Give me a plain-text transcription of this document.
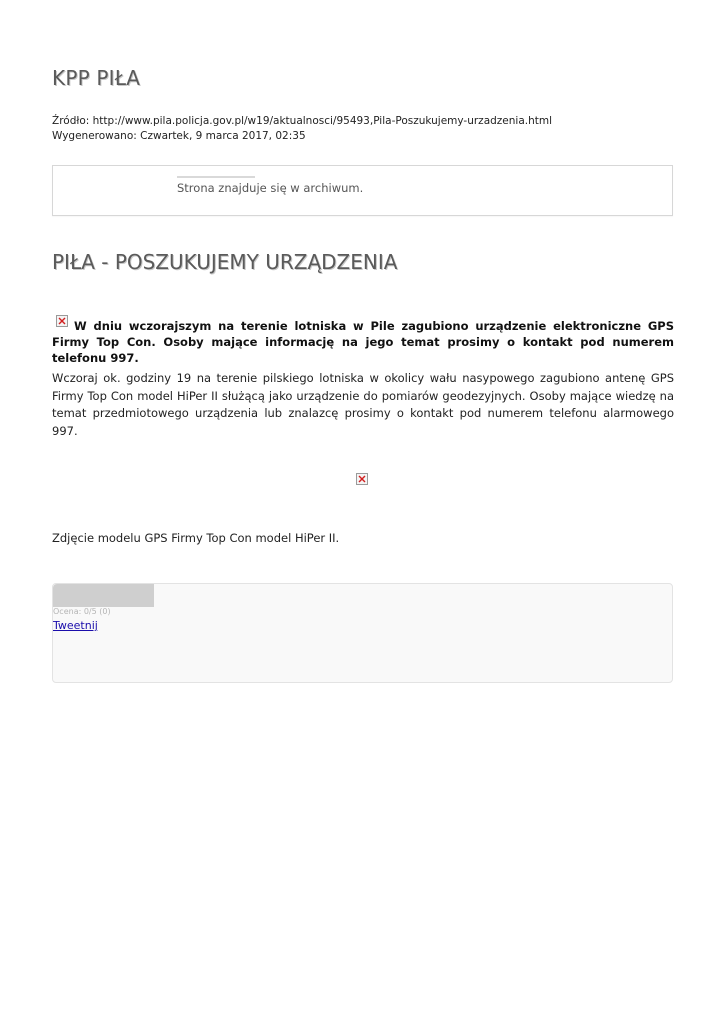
KPP PIŁA
Źródło: http://www.pila.policja.gov.pl/w19/aktualnosci/95493,Pila-Poszukujemy-urzadzenia.html
Wygenerowano: Czwartek, 9 marca 2017, 02:35
Strona znajduje się w archiwum.
PIŁA - POSZUKUJEMY URZĄDZENIA
W dniu wczorajszym na terenie lotniska w Pile zagubiono urządzenie elektroniczne GPS Firmy Top Con. Osoby mające informację na jego temat prosimy o kontakt pod numerem telefonu 997.
Wczoraj ok. godziny 19 na terenie pilskiego lotniska w okolicy wału nasypowego zagubiono antenę GPS Firmy Top Con model HiPer II służącą jako urządzenie do pomiarów geodezyjnych. Osoby mające wiedzę na temat przedmiotowego urządzenia lub znalazcę prosimy o kontakt pod numerem telefonu alarmowego 997.
Zdjęcie modelu GPS Firmy Top Con model HiPer II.
Ocena: 0/5 (0)
Tweetnij
